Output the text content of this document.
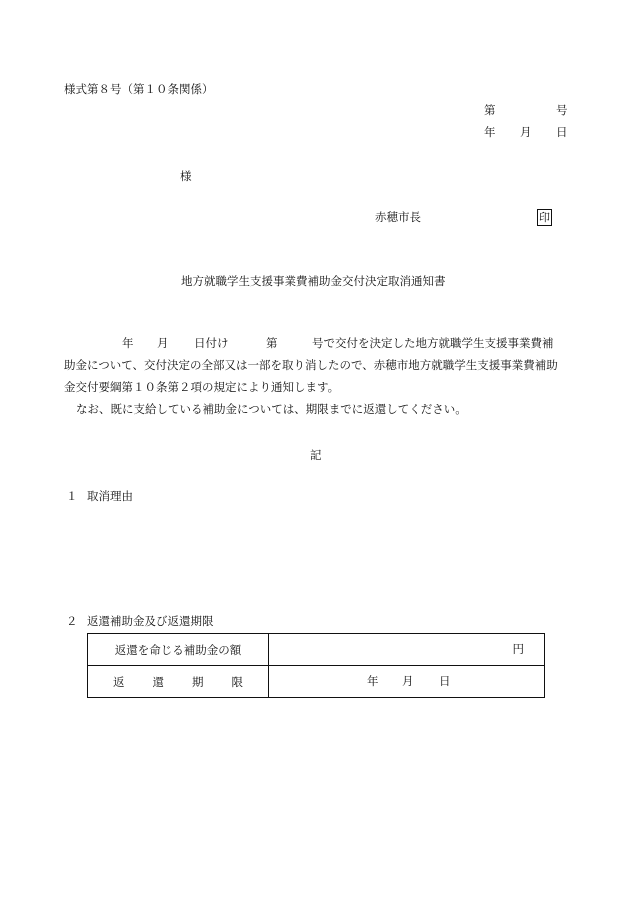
様式第８号（第１０条関係）
第	号
年 月 日
様
赤穂市長	印
地方就職学生支援事業費補助金交付決定取消通知書
年 月 日付け	第	号で交付を決定した地方就職学生支援事業費補
助金について、交付決定の全部又は一部を取り消したので、赤穂市地方就職学生支援事業費補助
金交付要綱第１０条第２項の規定により通知します。
なお、既に支給している補助金については、期限までに返還してください。
記
１ 取消理由
２ 返還補助金及び返還期限
返還を命じる補助金の額	円

返 還 期 限	年 月 日
